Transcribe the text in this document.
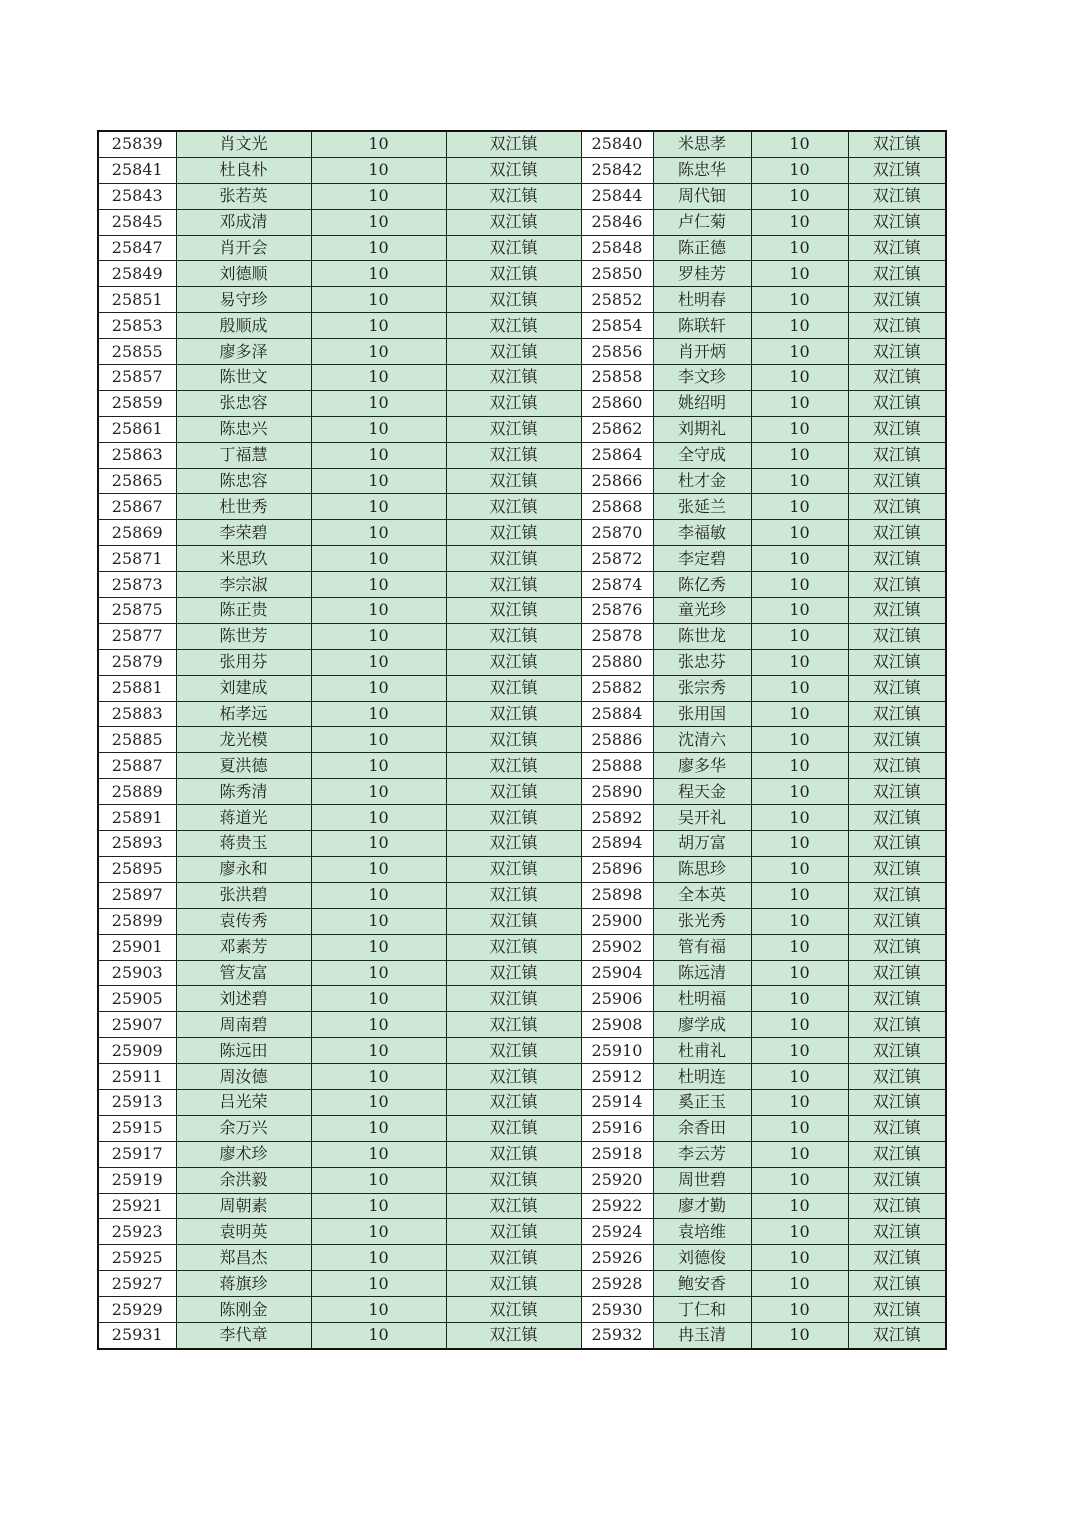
25839	肖文光	10	双江镇	25840	米思孝	10	双江镇
25841	杜良朴	10	双江镇	25842	陈忠华	10	双江镇
25843	张若英	10	双江镇	25844	周代钿	10	双江镇
25845	邓成清	10	双江镇	25846	卢仁菊	10	双江镇
25847	肖开会	10	双江镇	25848	陈正德	10	双江镇
25849	刘德顺	10	双江镇	25850	罗桂芳	10	双江镇
25851	易守珍	10	双江镇	25852	杜明春	10	双江镇
25853	殷顺成	10	双江镇	25854	陈联轩	10	双江镇
25855	廖多泽	10	双江镇	25856	肖开炳	10	双江镇
25857	陈世文	10	双江镇	25858	李文珍	10	双江镇
25859	张忠容	10	双江镇	25860	姚绍明	10	双江镇
25861	陈忠兴	10	双江镇	25862	刘期礼	10	双江镇
25863	丁福慧	10	双江镇	25864	全守成	10	双江镇
25865	陈忠容	10	双江镇	25866	杜才金	10	双江镇
25867	杜世秀	10	双江镇	25868	张延兰	10	双江镇
25869	李荣碧	10	双江镇	25870	李福敏	10	双江镇
25871	米思玖	10	双江镇	25872	李定碧	10	双江镇
25873	李宗淑	10	双江镇	25874	陈亿秀	10	双江镇
25875	陈正贵	10	双江镇	25876	童光珍	10	双江镇
25877	陈世芳	10	双江镇	25878	陈世龙	10	双江镇
25879	张用芬	10	双江镇	25880	张忠芬	10	双江镇
25881	刘建成	10	双江镇	25882	张宗秀	10	双江镇
25883	柘孝远	10	双江镇	25884	张用国	10	双江镇
25885	龙光模	10	双江镇	25886	沈清六	10	双江镇
25887	夏洪德	10	双江镇	25888	廖多华	10	双江镇
25889	陈秀清	10	双江镇	25890	程天金	10	双江镇
25891	蒋道光	10	双江镇	25892	吴开礼	10	双江镇
25893	蒋贵玉	10	双江镇	25894	胡万富	10	双江镇
25895	廖永和	10	双江镇	25896	陈思珍	10	双江镇
25897	张洪碧	10	双江镇	25898	全本英	10	双江镇
25899	袁传秀	10	双江镇	25900	张光秀	10	双江镇
25901	邓素芳	10	双江镇	25902	管有福	10	双江镇
25903	管友富	10	双江镇	25904	陈远清	10	双江镇
25905	刘述碧	10	双江镇	25906	杜明福	10	双江镇
25907	周南碧	10	双江镇	25908	廖学成	10	双江镇
25909	陈远田	10	双江镇	25910	杜甫礼	10	双江镇
25911	周汝德	10	双江镇	25912	杜明连	10	双江镇
25913	吕光荣	10	双江镇	25914	奚正玉	10	双江镇
25915	余万兴	10	双江镇	25916	余香田	10	双江镇
25917	廖术珍	10	双江镇	25918	李云芳	10	双江镇
25919	余洪毅	10	双江镇	25920	周世碧	10	双江镇
25921	周朝素	10	双江镇	25922	廖才勤	10	双江镇
25923	袁明英	10	双江镇	25924	袁培维	10	双江镇
25925	郑昌杰	10	双江镇	25926	刘德俊	10	双江镇
25927	蒋旗珍	10	双江镇	25928	鲍安香	10	双江镇
25929	陈刚金	10	双江镇	25930	丁仁和	10	双江镇
25931	李代章	10	双江镇	25932	冉玉清	10	双江镇
